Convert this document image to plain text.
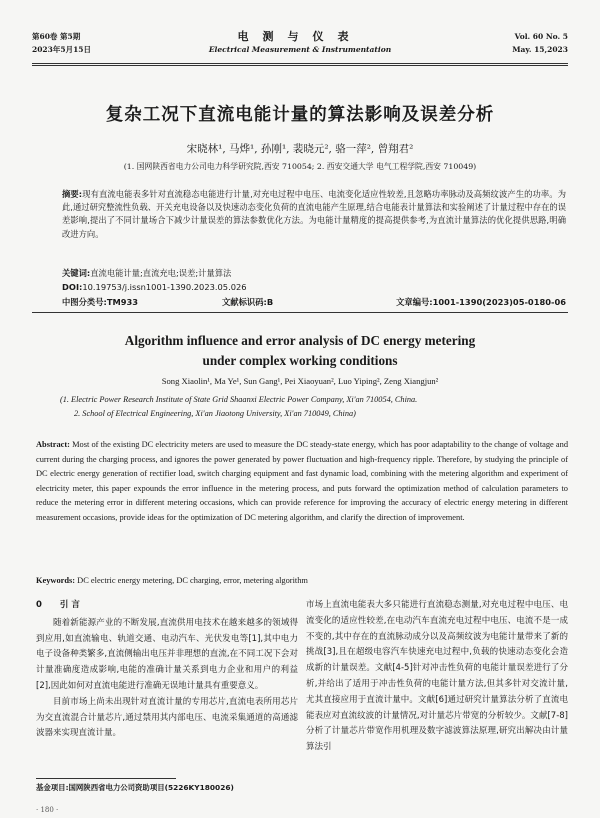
第60卷 第5期
2023年5月15日
电测与仪表
Electrical Measurement & Instrumentation
Vol. 60 No. 5
May. 15,2023
复杂工况下直流电能计量的算法影响及误差分析
宋晓林¹, 马烨¹, 孙刚¹, 裴晓元², 骆一萍², 曾翔君²
(1. 国网陕西省电力公司电力科学研究院,西安 710054; 2. 西安交通大学 电气工程学院,西安 710049)
摘要:现有直流电能表多针对直流稳态电能进行计量,对充电过程中电压、电流变化适应性较差,且忽略功率脉动及高频纹波产生的功率。为此,通过研究整流性负载、开关充电设备以及快速动态变化负荷的直流电能产生原理,结合电能表计量算法和实验阐述了计量过程中存在的误差影响,提出了不同计量场合下减少计量误差的算法参数优化方法。为电能计量精度的提高提供参考,为直流计量算法的优化提供思路,明确改进方向。
关键词:直流电能计量;直流充电;误差;计量算法
DOI:10.19753/j.issn1001-1390.2023.05.026
中图分类号:TM933	文献标识码:B	文章编号:1001-1390(2023)05-0180-06
Algorithm influence and error analysis of DC energy metering
under complex working conditions
Song Xiaolin¹, Ma Ye¹, Sun Gang¹, Pei Xiaoyuan², Luo Yiping², Zeng Xiangjun²
(1. Electric Power Research Institute of State Grid Shaanxi Electric Power Company, Xi'an 710054, China.
2. School of Electrical Engineering, Xi'an Jiaotong University, Xi'an 710049, China)
Abstract: Most of the existing DC electricity meters are used to measure the DC steady-state energy, which has poor adaptability to the change of voltage and current during the charging process, and ignores the power generated by power fluctuation and high-frequency ripple. Therefore, by studying the principle of DC electric energy generation of rectifier load, switch charging equipment and fast dynamic load, combining with the metering algorithm and experiment of electricity meter, this paper expounds the error influence in the metering process, and puts forward the optimization method of calculation parameters to reduce the metering error in different metering occasions, which can provide reference for improving the accuracy of electric energy metering in different measurement occasions, provide ideas for the optimization of DC metering algorithm, and clarify the direction of improvement.
Keywords: DC electric energy metering, DC charging, error, metering algorithm
0 引 言

随着新能源产业的不断发展,直流供用电技术在越来越多的领域得到应用,如直流输电、轨道交通、电动汽车、光伏发电等[1],其中电力电子设备种类繁多,直流侧输出电压并非理想的直流,在不同工况下会对计量准确度造成影响,电能的准确计量关系到电力企业和用户的利益[2],因此如何对直流电能进行准确无误地计量具有重要意义。

目前市场上尚未出现针对直流计量的专用芯片,直流电表所用芯片为交直流混合计量芯片,通过禁用其内部电压、电流采集通道的高通滤波器来实现直流计量。

市场上直流电能表大多只能进行直流稳态测量,对充电过程中电压、电流变化的适应性较差,在电动汽车直流充电过程中电压、电流不是一成不变的,其中存在的直流脉动成分以及高频纹波为电能计量带来了新的挑战[3],且在超级电容汽车快速充电过程中,负载的快速动态变化会造成新的计量误差。文献[4-5]针对冲击性负荷的电能计量误差进行了分析,并给出了适用于冲击性负荷的电能计量方法,但其多针对交流计量,尤其直接应用于直流计量中。文献[6]通过研究计量算法分析了直流电能表应对直流纹波的计量情况,对计量芯片带宽的分析较少。文献[7-8]分析了计量芯片带宽作用机理及数字滤波算法原理,研究出解决由计量算法引

基金项目:国网陕西省电力公司资助项目(5226KY180026)
· 180 ·
